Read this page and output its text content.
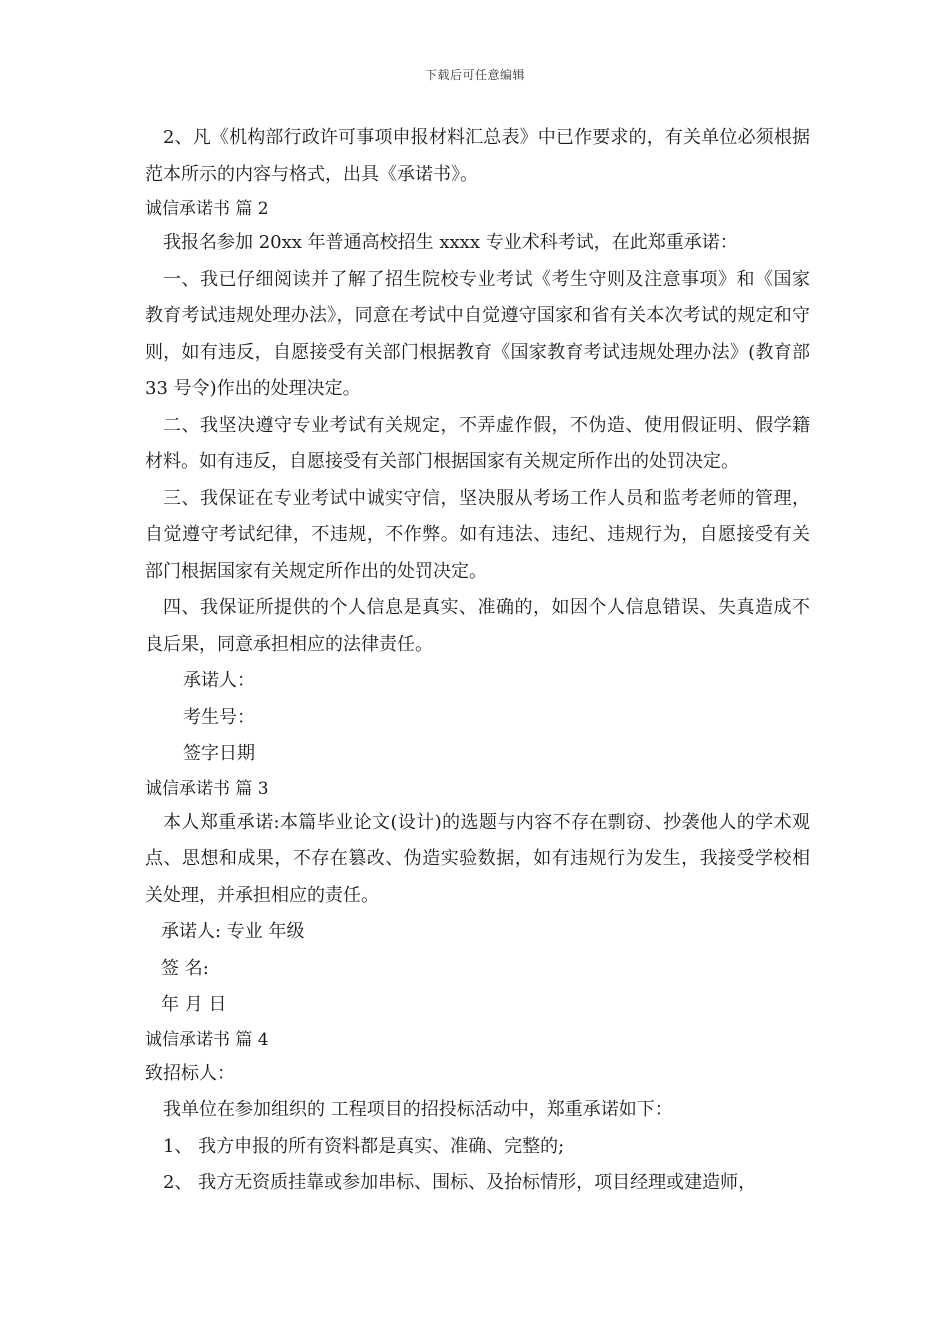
下载后可任意编辑

2、凡《机构部行政许可事项申报材料汇总表》中已作要求的，有关单位必须根据范本所示的内容与格式，出具《承诺书》。

诚信承诺书 篇 2

我报名参加 20xx 年普通高校招生 xxxx 专业术科考试，在此郑重承诺：

一、我已仔细阅读并了解了招生院校专业考试《考生守则及注意事项》和《国家教育考试违规处理办法》，同意在考试中自觉遵守国家和省有关本次考试的规定和守则，如有违反，自愿接受有关部门根据教育《国家教育考试违规处理办法》(教育部 33 号令)作出的处理决定。

二、我坚决遵守专业考试有关规定，不弄虚作假，不伪造、使用假证明、假学籍材料。如有违反，自愿接受有关部门根据国家有关规定所作出的处罚决定。

三、我保证在专业考试中诚实守信，坚决服从考场工作人员和监考老师的管理，自觉遵守考试纪律，不违规，不作弊。如有违法、违纪、违规行为，自愿接受有关部门根据国家有关规定所作出的处罚决定。

四、我保证所提供的个人信息是真实、准确的，如因个人信息错误、失真造成不良后果，同意承担相应的法律责任。

承诺人：

考生号：

签字日期

诚信承诺书 篇 3

本人郑重承诺:本篇毕业论文(设计)的选题与内容不存在剽窃、抄袭他人的学术观点、思想和成果，不存在篡改、伪造实验数据，如有违规行为发生，我接受学校相关处理，并承担相应的责任。

承诺人: 专业 年级

签 名:

年 月 日

诚信承诺书 篇 4

致招标人：

我单位在参加组织的 工程项目的招投标活动中，郑重承诺如下：

1、 我方申报的所有资料都是真实、准确、完整的;

2、 我方无资质挂靠或参加串标、围标、及抬标情形，项目经理或建造师，
